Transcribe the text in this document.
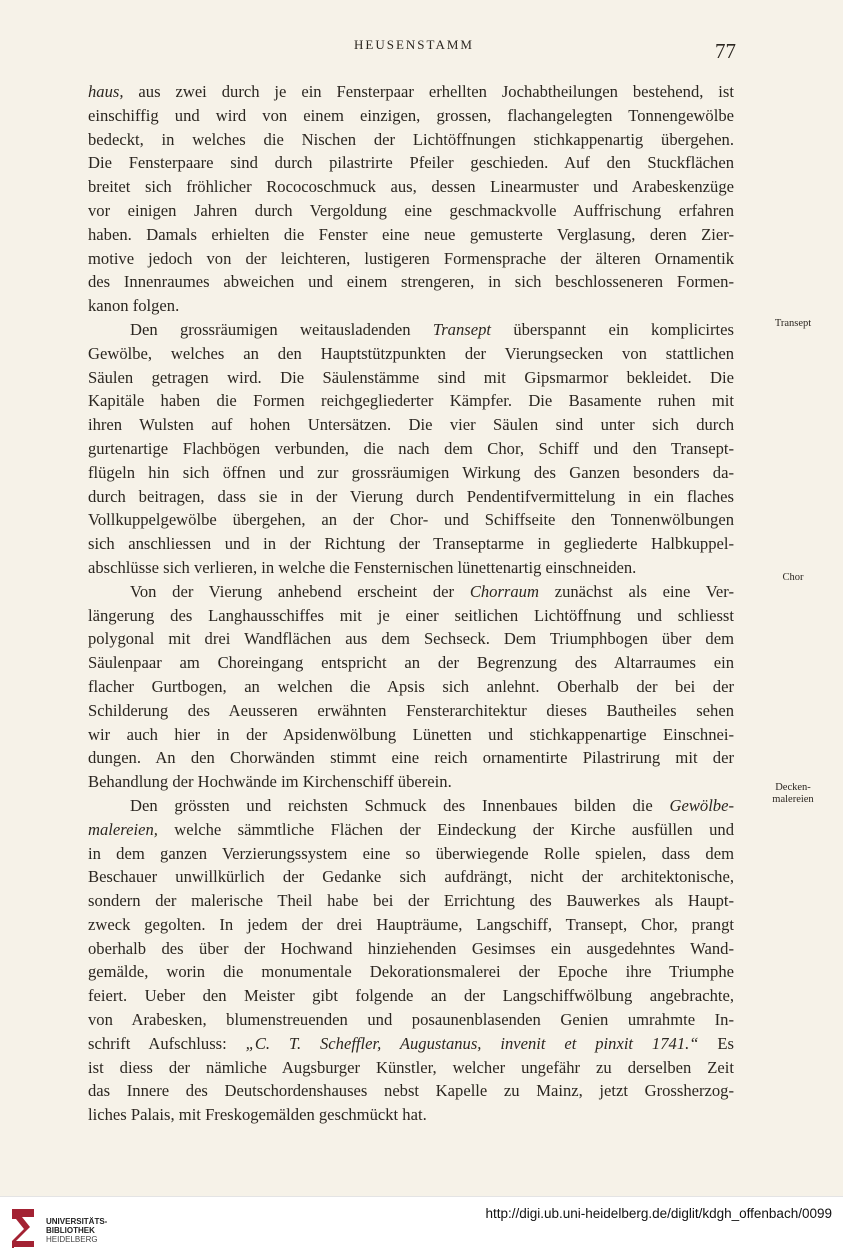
HEUSENSTAMM	77
haus, aus zwei durch je ein Fensterpaar erhellten Jochabtheilungen bestehend, ist
einschiffig und wird von einem einzigen, grossen, flachangelegten Tonnengewölbe
bedeckt, in welches die Nischen der Lichtöffnungen stichkappenartig übergehen.
Die Fensterpaare sind durch pilastrirte Pfeiler geschieden. Auf den Stuckflächen
breitet sich fröhlicher Rococoschmuck aus, dessen Linearmuster und Arabeskenzüge
vor einigen Jahren durch Vergoldung eine geschmackvolle Auffrischung erfahren
haben. Damals erhielten die Fenster eine neue gemusterte Verglasung, deren Zier-
motive jedoch von der leichteren, lustigeren Formensprache der älteren Ornamentik
des Innenraumes abweichen und einem strengeren, in sich beschlosseneren Formen-
kanon folgen.
Den grossräumigen weitausladenden Transept überspannt ein komplicirtes
Gewölbe, welches an den Hauptstützpunkten der Vierungsecken von stattlichen
Säulen getragen wird. Die Säulenstämme sind mit Gipsmarmor bekleidet. Die
Kapitäle haben die Formen reichgegliederter Kämpfer. Die Basamente ruhen mit
ihren Wulsten auf hohen Untersätzen. Die vier Säulen sind unter sich durch
gurtenartige Flachbögen verbunden, die nach dem Chor, Schiff und den Transept-
flügeln hin sich öffnen und zur grossräumigen Wirkung des Ganzen besonders da-
durch beitragen, dass sie in der Vierung durch Pendentifvermittelung in ein flaches
Vollkuppelgewölbe übergehen, an der Chor- und Schiffseite den Tonnenwölbungen
sich anschliessen und in der Richtung der Transeptarme in gegliederte Halbkuppel-
abschlüsse sich verlieren, in welche die Fensternischen lünettenartig einschneiden.
Von der Vierung anhebend erscheint der Chorraum zunächst als eine Ver-
längerung des Langhausschiffes mit je einer seitlichen Lichtöffnung und schliesst
polygonal mit drei Wandflächen aus dem Sechseck. Dem Triumphbogen über dem
Säulenpaar am Choreingang entspricht an der Begrenzung des Altarraumes ein
flacher Gurtbogen, an welchen die Apsis sich anlehnt. Oberhalb der bei der
Schilderung des Aeusseren erwähnten Fensterarchitektur dieses Bautheiles sehen
wir auch hier in der Apsidenwölbung Lünetten und stichkappenartige Einschnei-
dungen. An den Chorwänden stimmt eine reich ornamentirte Pilastrirung mit der
Behandlung der Hochwände im Kirchenschiff überein.
Den grössten und reichsten Schmuck des Innenbaues bilden die Gewölbe-
malereien, welche sämmtliche Flächen der Eindeckung der Kirche ausfüllen und
in dem ganzen Verzierungssystem eine so überwiegende Rolle spielen, dass dem
Beschauer unwillkürlich der Gedanke sich aufdrängt, nicht der architektonische,
sondern der malerische Theil habe bei der Errichtung des Bauwerkes als Haupt-
zweck gegolten. In jedem der drei Haupträume, Langschiff, Transept, Chor, prangt
oberhalb des über der Hochwand hinziehenden Gesimses ein ausgedehntes Wand-
gemälde, worin die monumentale Dekorationsmalerei der Epoche ihre Triumphe
feiert. Ueber den Meister gibt folgende an der Langschiffwölbung angebrachte,
von Arabesken, blumenstreuenden und posaunenblasenden Genien umrahmte In-
schrift Aufschluss: „C. T. Scheffler, Augustanus, invenit et pinxit 1741.“ Es
ist diess der nämliche Augsburger Künstler, welcher ungefähr zu derselben Zeit
das Innere des Deutschordenshauses nebst Kapelle zu Mainz, jetzt Grossherzog-
liches Palais, mit Freskogemälden geschmückt hat.
Transept
Chor
Decken-
malereien
UNIVERSITÄTS-
BIBLIOTHEK
HEIDELBERG
http://digi.ub.uni-heidelberg.de/diglit/kdgh_offenbach/0099
